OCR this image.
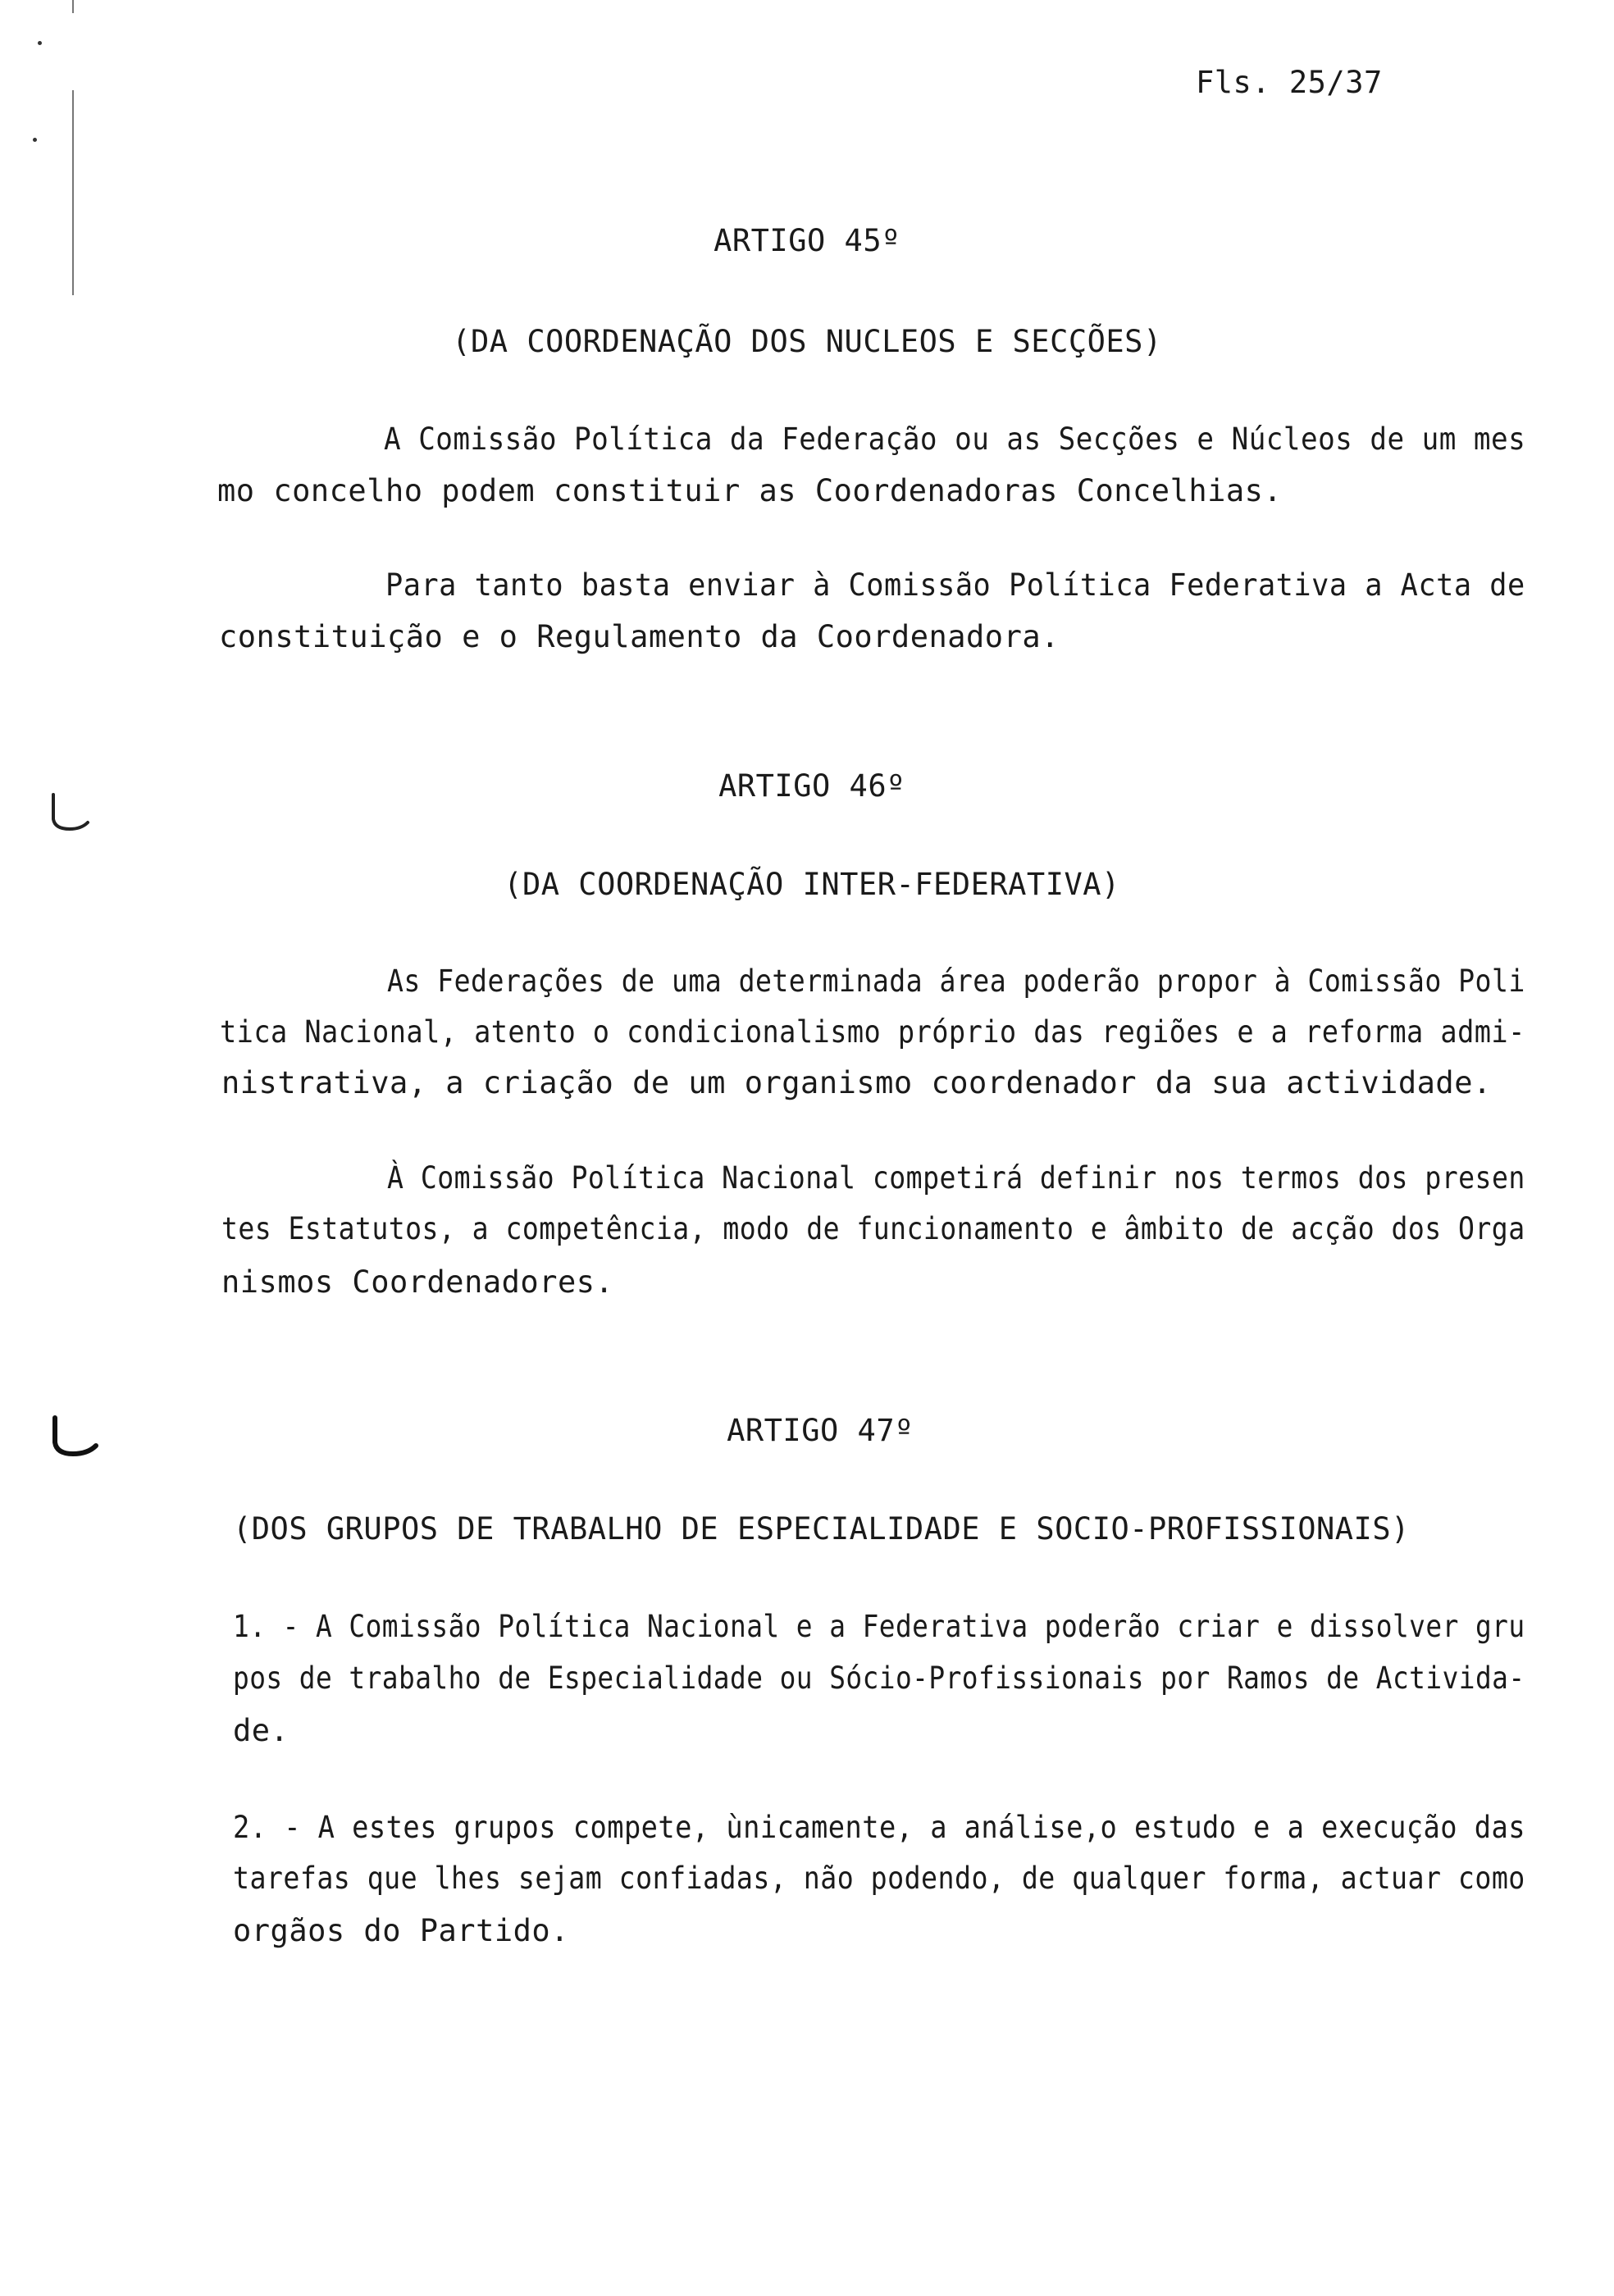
Fls. 25/37

ARTIGO 45º

(DA COORDENAÇÃO DOS NUCLEOS E SECÇÕES)

A Comissão Política da Federação ou as Secções e Núcleos de um mes

mo concelho podem constituir as Coordenadoras Concelhias.

Para tanto basta enviar à Comissão Política Federativa a Acta de

constituição e o Regulamento da Coordenadora.

ARTIGO 46º

(DA COORDENAÇÃO INTER-FEDERATIVA)

As Federações de uma determinada área poderão propor à Comissão Poli

tica Nacional, atento o condicionalismo próprio das regiões e a reforma admi-

nistrativa, a criação de um organismo coordenador da sua actividade.

À Comissão Política Nacional competirá definir nos termos dos presen

tes Estatutos, a competência, modo de funcionamento e âmbito de acção dos Orga

nismos Coordenadores.

ARTIGO 47º

(DOS GRUPOS DE TRABALHO DE ESPECIALIDADE E SOCIO-PROFISSIONAIS)

1. - A Comissão Política Nacional e a Federativa poderão criar e dissolver gru

pos de trabalho de Especialidade ou Sócio-Profissionais por Ramos de Activida-

de.

2. - A estes grupos compete, ùnicamente, a análise,o estudo e a execução das

tarefas que lhes sejam confiadas, não podendo, de qualquer forma, actuar como

orgãos do Partido.
